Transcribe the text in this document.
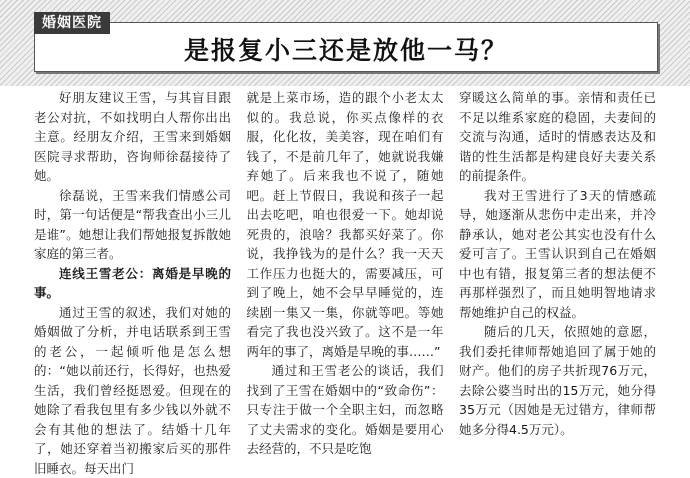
是报复小三还是放他一马？
婚姻医院

好朋友建议王雪，与其盲目跟老公对抗，不如找明白人帮你出出主意。经朋友介绍，王雪来到婚姻医院寻求帮助，咨询师徐磊接待了她。

徐磊说，王雪来我们情感公司时，第一句话便是“帮我查出小三儿是谁”。她想让我们帮她报复拆散她家庭的第三者。

连线王雪老公：离婚是早晚的事。

通过王雪的叙述，我们对她的婚姻做了分析，并电话联系到王雪的老公，一起倾听他是怎么想的：“她以前还行，长得好，也热爱生活，我们曾经挺恩爱。但现在的她除了看我包里有多少钱以外就不会有其他的想法了。结婚十几年了，她还穿着当初搬家后买的那件旧睡衣。每天出门

就是上菜市场，造的跟个小老太太似的。我总说，你买点像样的衣服，化化妆，美美容，现在咱们有钱了，不是前几年了，她就说我嫌弃她了。后来我也不说了，随她吧。赶上节假日，我说和孩子一起出去吃吧，咱也很爱一下。她却说死贵的，浪啥？我都买好菜了。你说，我挣钱为的是什么？我一天天工作压力也挺大的，需要减压，可到了晚上，她不会早早睡觉的，连续剧一集又一集，你就等吧。等她看完了我也没兴致了。这不是一年两年的事了，离婚是早晚的事……”

通过和王雪老公的谈话，我们找到了王雪在婚姻中的“致命伤”：只专注于做一个全职主妇，而忽略了丈夫需求的变化。婚姻是要用心去经营的，不只是吃饱

穿暖这么简单的事。亲情和责任已不足以维系家庭的稳固，夫妻间的交流与沟通，适时的情感表达及和谐的性生活都是构建良好夫妻关系的前提条件。

我对王雪进行了3天的情感疏导，她逐渐从悲伤中走出来，并冷静承认，她对老公其实也没有什么爱可言了。王雪认识到自己在婚姻中也有错，报复第三者的想法便不再那样强烈了，而且她明智地请求帮她维护自己的权益。

随后的几天，依照她的意愿，我们委托律师帮她追回了属于她的财产。他们的房子共折现76万元，去除公婆当时出的15万元，她分得35万元（因她是无过错方，律师帮她多分得4.5万元）。
